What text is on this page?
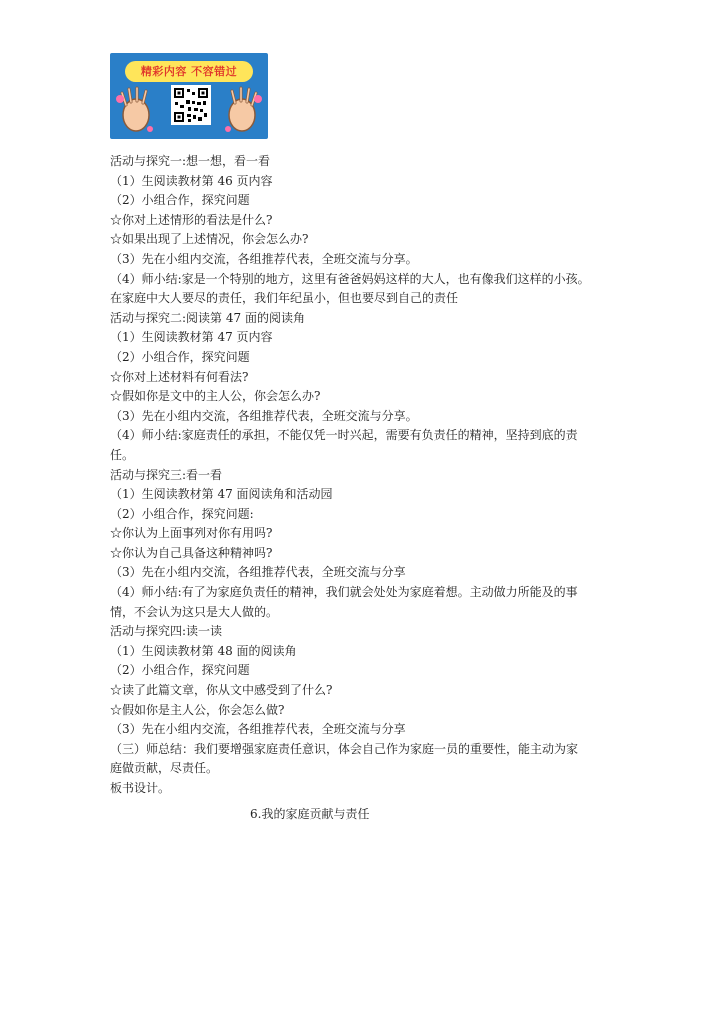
精彩内容 不容错过

活动与探究一:想一想，看一看

（1）生阅读教材第 46 页内容

（2）小组合作，探究问题

☆你对上述情形的看法是什么?

☆如果出现了上述情况，你会怎么办?

（3）先在小组内交流，各组推荐代表，全班交流与分享。

（4）师小结:家是一个特别的地方，这里有爸爸妈妈这样的大人，也有像我们这样的小孩。

在家庭中大人要尽的责任，我们年纪虽小，但也要尽到自己的责任

活动与探究二:阅读第 47 面的阅读角

（1）生阅读教材第 47 页内容

（2）小组合作，探究问题

☆你对上述材料有何看法?

☆假如你是文中的主人公，你会怎么办?

（3）先在小组内交流，各组推荐代表，全班交流与分享。

（4）师小结:家庭责任的承担，不能仅凭一时兴起，需要有负责任的精神，坚持到底的责

任。

活动与探究三:看一看

（1）生阅读教材第 47 面阅读角和活动园

（2）小组合作，探究问题:

☆你认为上面事列对你有用吗?

☆你认为自己具备这种精神吗?

（3）先在小组内交流，各组推荐代表，全班交流与分享

（4）师小结:有了为家庭负责任的精神，我们就会处处为家庭着想。主动做力所能及的事

情，不会认为这只是大人做的。

活动与探究四:读一读

（1）生阅读教材第 48 面的阅读角

（2）小组合作，探究问题

☆读了此篇文章，你从文中感受到了什么?

☆假如你是主人公，你会怎么做?

（3）先在小组内交流，各组推荐代表，全班交流与分享

（三）师总结：我们要增强家庭责任意识，体会自己作为家庭一员的重要性，能主动为家

庭做贡献，尽责任。

板书设计。

6.我的家庭贡献与责任
